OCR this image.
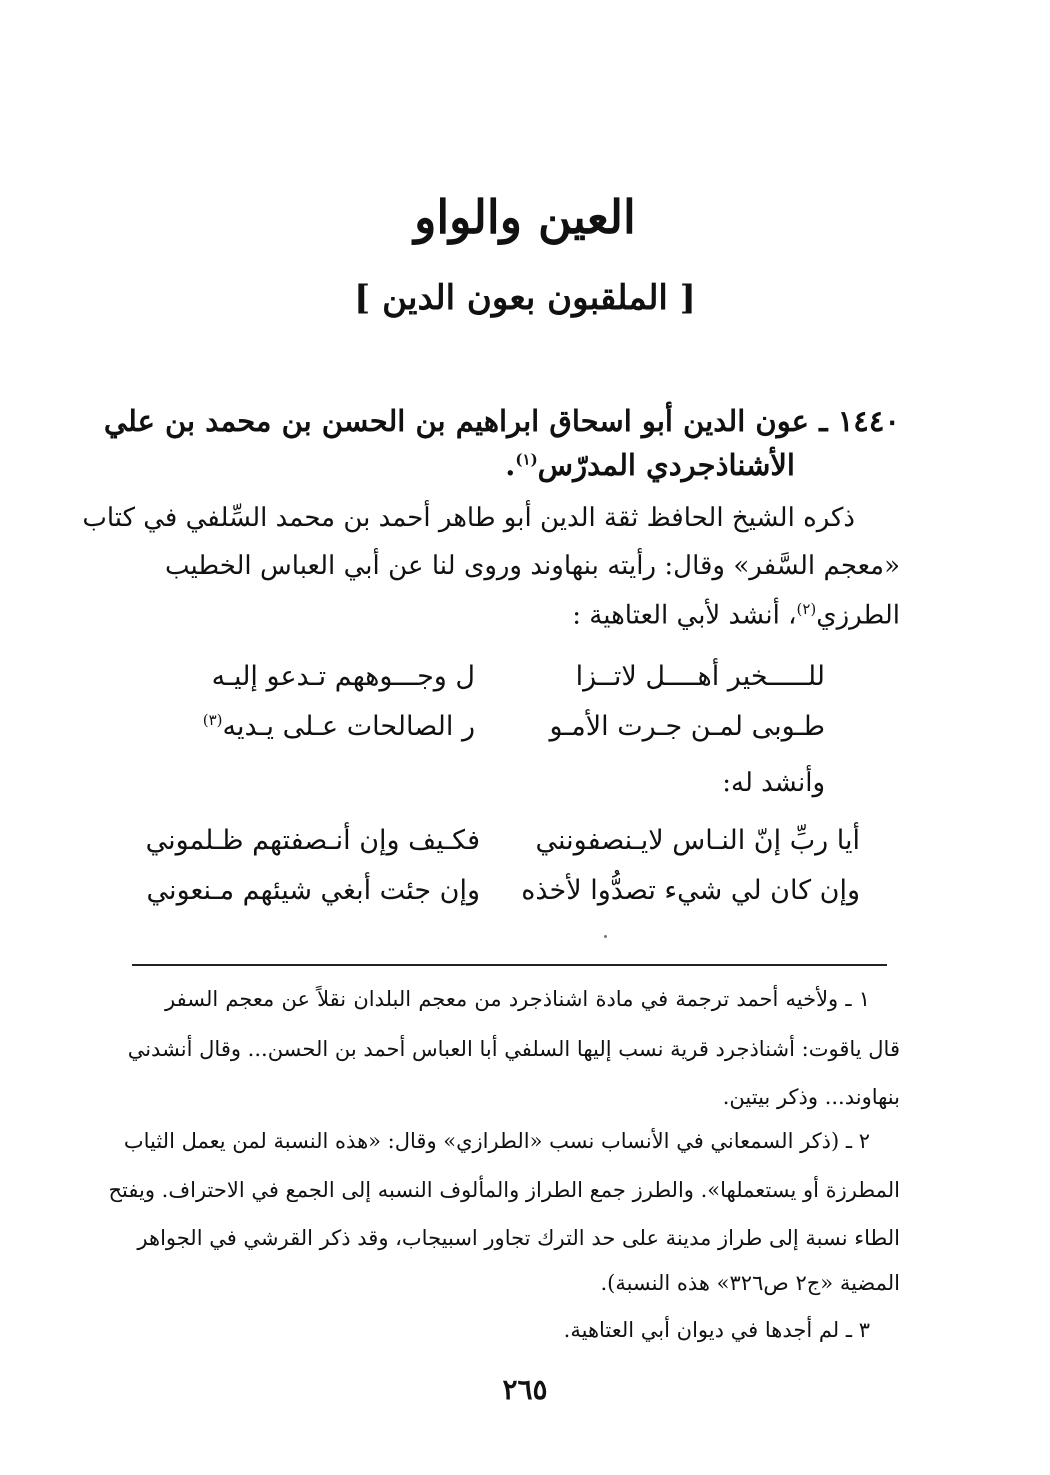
العين والواو
[ الملقبون بعون الدين ]
١٤٤٠ ـ عون الدين أبو اسحاق ابراهيم بن الحسن بن محمد بن علي
الأشناذجردي المدرّس$^{(١)}$.
ذكره الشيخ الحافظ ثقة الدين أبو طاهر أحمد بن محمد السِّلفي في كتاب
«معجم السَّفر» وقال: رأيته بنهاوند وروى لنا عن أبي العباس الخطيب
الطرزي$^{(٢)}$، أنشد لأبي العتاهية :
للـــــخير أهــــل لاتــزا
ل وجـــوههم تـدعو إليـه
طـوبى لمـن جـرت الأمـو
ر الصالحات عـلى يـديه$^{(٣)}$
وأنشد له:
أيا ربِّ إنّ النـاس لايـنصفونني
فكـيف وإن أنـصفتهم ظـلموني
وإن كان لي شيء تصدُّوا لأخذه
وإن جئت أبغي شيئهم مـنعوني
١ ـ ولأخيه أحمد ترجمة في مادة اشناذجرد من معجم البلدان نقلاً عن معجم السفر
قال ياقوت: أشناذجرد قرية نسب إليها السلفي أبا العباس أحمد بن الحسن... وقال أنشدني
بنهاوند... وذكر بيتين.
٢ ـ (ذكر السمعاني في الأنساب نسب «الطرازي» وقال: «هذه النسبة لمن يعمل الثياب
المطرزة أو يستعملها». والطرز جمع الطراز والمألوف النسبه إلى الجمع في الاحتراف. ويفتح
الطاء نسبة إلى طراز مدينة على حد الترك تجاور اسبيجاب، وقد ذكر القرشي في الجواهر
المضية «ج٢ ص٣٢٦» هذه النسبة).
٣ ـ لم أجدها في ديوان أبي العتاهية.
٢٦٥
